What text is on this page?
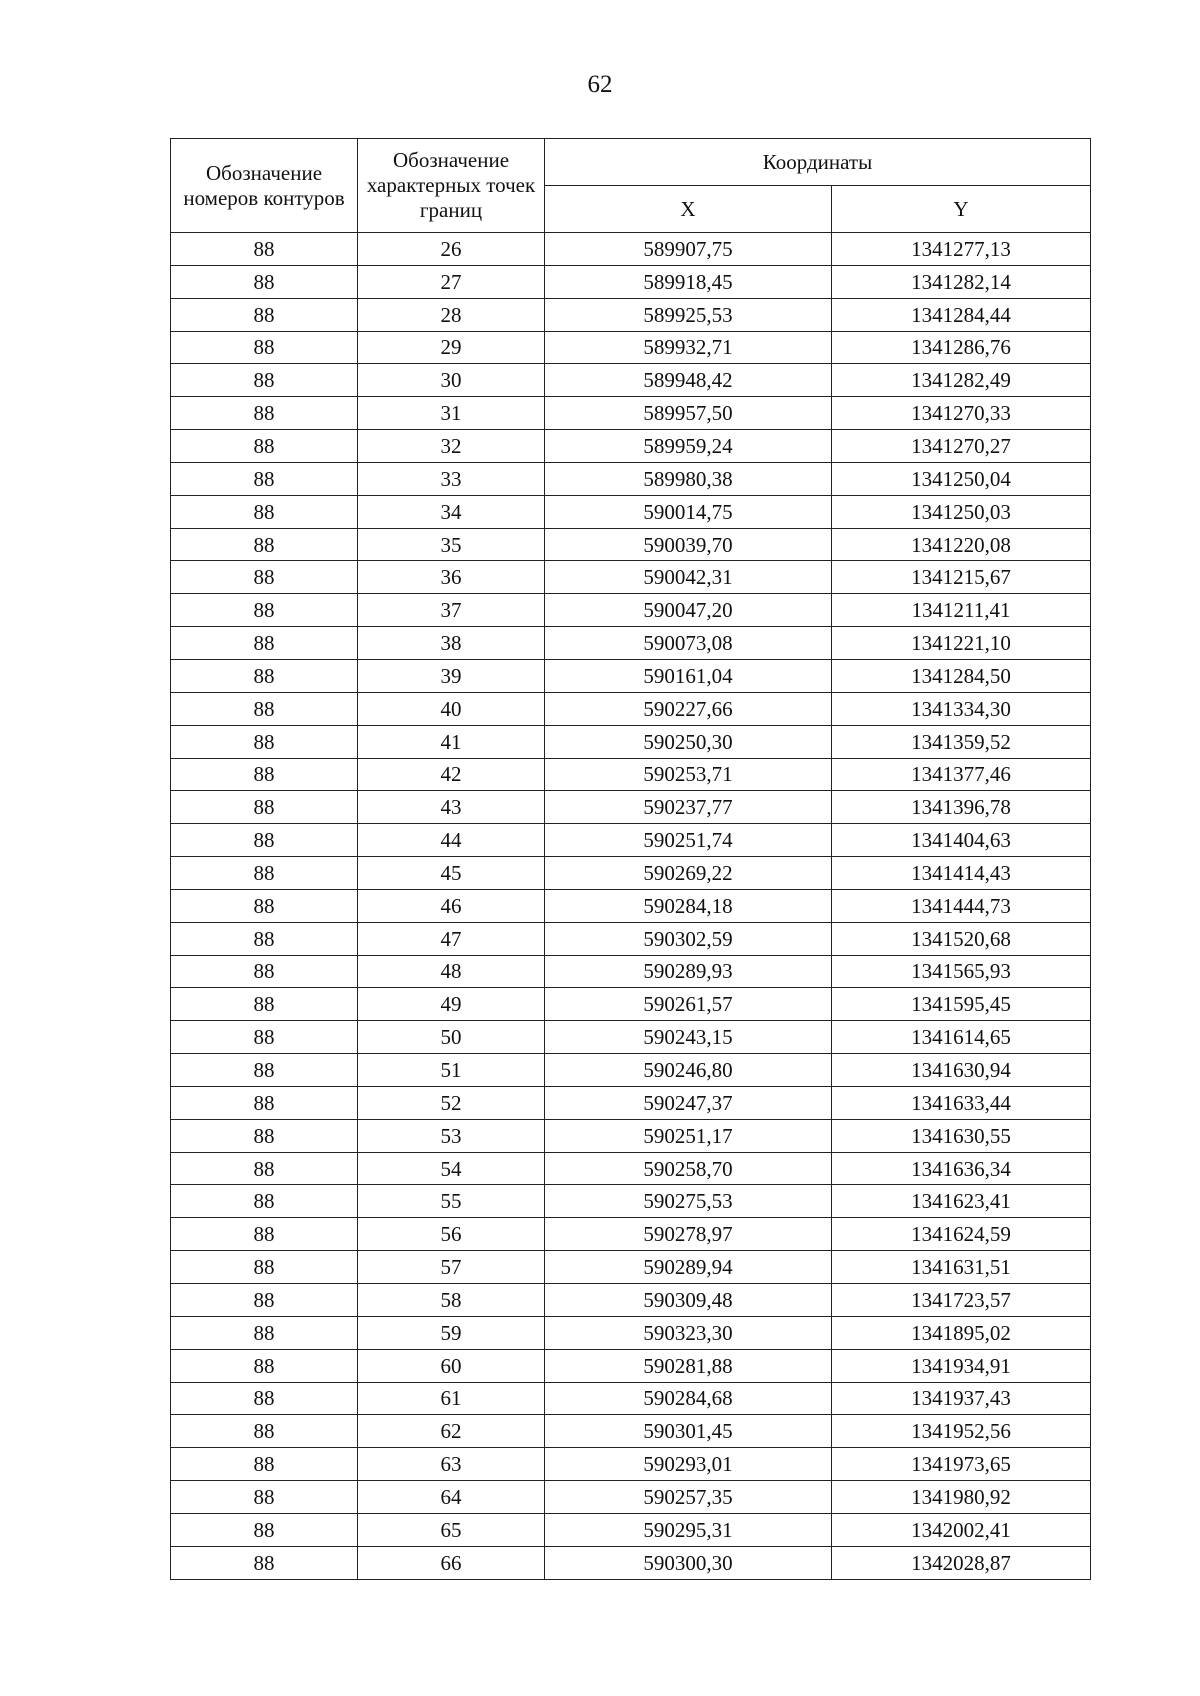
62
Обозначение номеров контуров	Обозначение характерных точек границ	Координаты	
		X	Y
88	26	589907,75	1341277,13
88	27	589918,45	1341282,14
88	28	589925,53	1341284,44
88	29	589932,71	1341286,76
88	30	589948,42	1341282,49
88	31	589957,50	1341270,33
88	32	589959,24	1341270,27
88	33	589980,38	1341250,04
88	34	590014,75	1341250,03
88	35	590039,70	1341220,08
88	36	590042,31	1341215,67
88	37	590047,20	1341211,41
88	38	590073,08	1341221,10
88	39	590161,04	1341284,50
88	40	590227,66	1341334,30
88	41	590250,30	1341359,52
88	42	590253,71	1341377,46
88	43	590237,77	1341396,78
88	44	590251,74	1341404,63
88	45	590269,22	1341414,43
88	46	590284,18	1341444,73
88	47	590302,59	1341520,68
88	48	590289,93	1341565,93
88	49	590261,57	1341595,45
88	50	590243,15	1341614,65
88	51	590246,80	1341630,94
88	52	590247,37	1341633,44
88	53	590251,17	1341630,55
88	54	590258,70	1341636,34
88	55	590275,53	1341623,41
88	56	590278,97	1341624,59
88	57	590289,94	1341631,51
88	58	590309,48	1341723,57
88	59	590323,30	1341895,02
88	60	590281,88	1341934,91
88	61	590284,68	1341937,43
88	62	590301,45	1341952,56
88	63	590293,01	1341973,65
88	64	590257,35	1341980,92
88	65	590295,31	1342002,41
88	66	590300,30	1342028,87
